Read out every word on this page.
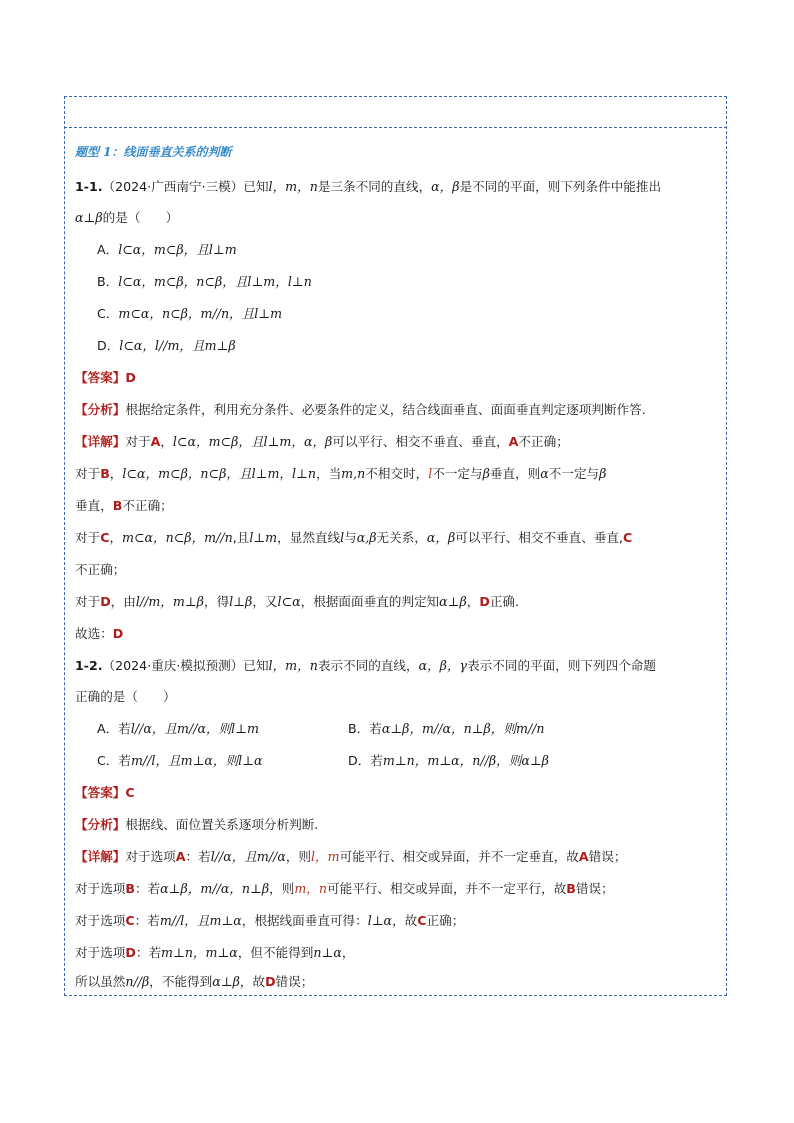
题型 1：线面垂直关系的判断
1-1.（2024·广西南宁·三模）已知l，m，n是三条不同的直线，α，β是不同的平面，则下列条件中能推出
α⊥β的是（　　）
A．l⊂α，m⊂β，且l⊥m
B．l⊂α，m⊂β，n⊂β，且l⊥m，l⊥n
C．m⊂α，n⊂β，m//n，且l⊥m
D．l⊂α，l//m，且m⊥β
【答案】D
【分析】根据给定条件，利用充分条件、必要条件的定义，结合线面垂直、面面垂直判定逐项判断作答.
【详解】对于A，l⊂α，m⊂β，且l⊥m，α，β可以平行、相交不垂直、垂直，A不正确；
对于B，l⊂α，m⊂β，n⊂β，且l⊥m，l⊥n，当m,n不相交时，l不一定与β垂直，则α不一定与β
垂直，B不正确；
对于C，m⊂α，n⊂β，m//n,且l⊥m，显然直线l与α,β无关系，α，β可以平行、相交不垂直、垂直,C
不正确；
对于D，由l//m，m⊥β，得l⊥β，又l⊂α，根据面面垂直的判定知α⊥β，D正确.
故选：D
1-2.（2024·重庆·模拟预测）已知l，m，n表示不同的直线，α，β，γ表示不同的平面，则下列四个命题
正确的是（　　）
A．若l//α，且m//α，则l⊥m	B．若α⊥β，m//α，n⊥β，则m//n
C．若m//l，且m⊥α，则l⊥α	D．若m⊥n，m⊥α，n//β，则α⊥β
【答案】C
【分析】根据线、面位置关系逐项分析判断.
【详解】对于选项A：若l//α，且m//α，则l，m可能平行、相交或异面，并不一定垂直，故A错误；
对于选项B：若α⊥β，m//α，n⊥β，则m，n可能平行、相交或异面，并不一定平行，故B错误；
对于选项C：若m//l，且m⊥α，根据线面垂直可得：l⊥α，故C正确；
对于选项D：若m⊥n，m⊥α，但不能得到n⊥α，
所以虽然n//β，不能得到α⊥β，故D错误；
